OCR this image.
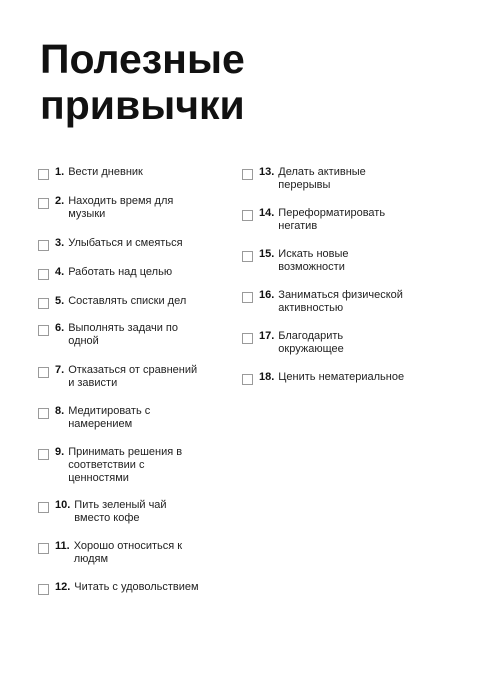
Полезные
привычки
1. Вести дневник
2. Находить время для
музыки
3. Улыбаться и смеяться
4. Работать над целью
5. Составлять списки дел
6. Выполнять задачи по
одной
7. Отказаться от сравнений
и зависти
8. Медитировать с
намерением
9. Принимать решения в
соответствии с
ценностями
10. Пить зеленый чай
вместо кофе
11. Хорошо относиться к
людям
12. Читать с удовольствием
13. Делать активные
перерывы
14. Переформатировать
негатив
15. Искать новые
возможности
16. Заниматься физической
активностью
17. Благодарить
окружающее
18. Ценить нематериальное
